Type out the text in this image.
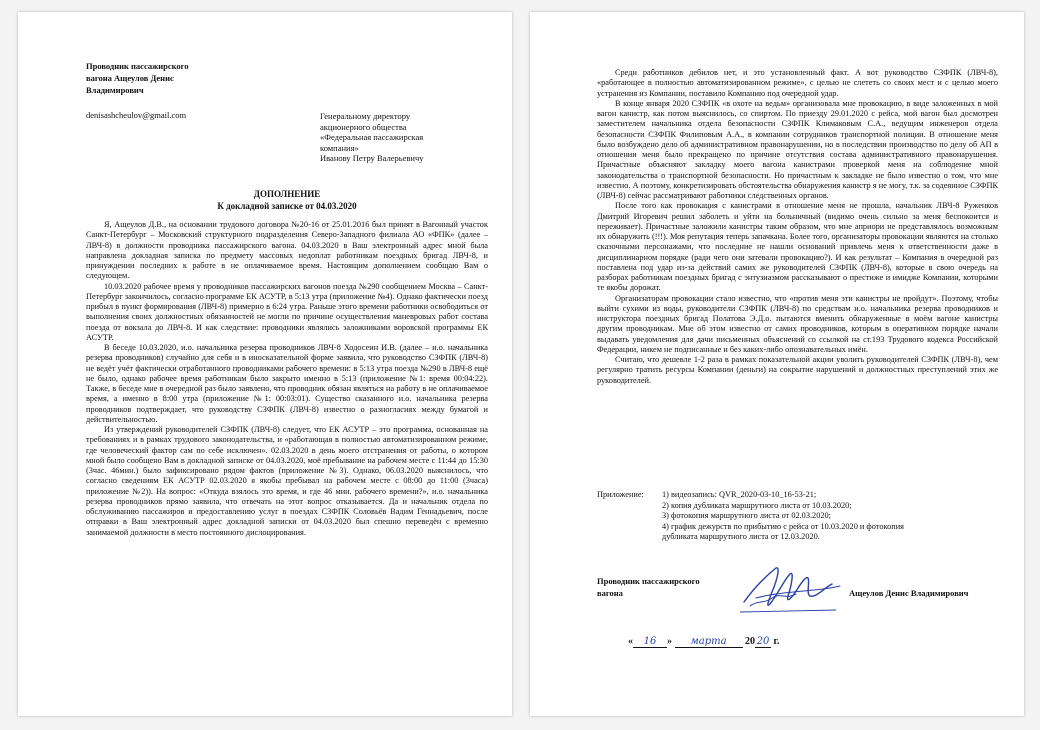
Проводник пассажирского
вагона Ащеулов Денис
Владимирович
denisashcheulov@gmail.com	Генеральному директору
акционерного общества
«Федеральная пассажирская
компания»
Иванову Петру Валерьевичу
ДОПОЛНЕНИЕ
К докладной записке от 04.03.2020

Я, Ащеулов Д.В., на основании трудового договора №20-16 от 25.01.2016 был принят в Вагонный участок Санкт-Петербург – Московский структурного подразделения Северо-Западного филиала АО «ФПК» (далее – ЛВЧ-8) в должности проводника пассажирского вагона. 04.03.2020 в Ваш электронный адрес мной была направлена докладная записка по предмету массовых недоплат работникам поездных бригад ЛВЧ-8, и принуждении последних к работе в не оплачиваемое время. Настоящим дополнением сообщаю Вам о следующем.

10.03.2020 рабочее время у проводников пассажирских вагонов поезда №290 сообщением Москва – Санкт-Петербург закончилось, согласно программе ЕК АСУТР, в 5:13 утра (приложение №4). Однако фактически поезд прибыл в пункт формирования (ЛВЧ-8) примерно в 6:24 утра. Раньше этого времени работники освободиться от выполнения своих должностных обязанностей не могли по причине осуществления маневровых работ состава поезда от вокзала до ЛВЧ-8. И как следствие: проводники являлись заложниками воровской программы ЕК АСУТР.

В беседе 10.03.2020, и.о. начальника резерва проводников ЛВЧ-8 Ходосеин И.В. (далее – и.о. начальника резерва проводников) случайно для себя и в иносказательной форме заявила, что руководство СЗФПК (ЛВЧ-8) не ведёт учёт фактически отработанного проводниками рабочего времени: в 5:13 утра поезда №290 в ЛВЧ-8 ещё не было, однако рабочее время работникам было закрыто именно в 5:13 (приложение №1: время 00:04:22). Также, в беседе мне в очередной раз было заявлено, что проводник обязан являться на работу в не оплачиваемое время, а именно в 8:00 утра (приложение №1: 00:03:01). Существо сказанного и.о. начальника резерва проводников подтверждает, что руководству СЗФПК (ЛВЧ-8) известно о разногласиях между бумагой и действительностью.

Из утверждений руководителей СЗФПК (ЛВЧ-8) следует, что ЕК АСУТР – это программа, основанная на требованиях и в рамках трудового законодательства, и «работающая в полностью автоматизированном режиме, где человеческий фактор сам по себе исключен». 02.03.2020 в день моего отстранения от работы, о котором мной было сообщено Вам в докладной записке от 04.03.2020, моё пребывание на рабочем месте с 11:44 до 15:30 (3час. 46мин.) было зафиксировано рядом фактов (приложение №3). Однако, 06.03.2020 выяснилось, что согласно сведениям ЕК АСУТР 02.03.2020 я якобы пребывал на рабочем месте с 08:00 до 11:00 (3часа) приложение №2)). На вопрос: «Откуда взялось это время, и где 46 мин. рабочего времени?», и.о. начальника резерва проводников прямо заявила, что отвечать на этот вопрос отказывается. Да и начальник отдела по обслуживанию пассажиров и предоставлению услуг в поездах СЗФПК Соловьёв Вадим Геннадьевич, после отправки в Ваш электронный адрес докладной записки от 04.03.2020 был спешно переведён с временно занимаемой должности в место постоянного дислоцирования.

Среди работников дебилов нет, и это установленный факт. А вот руководство СЗФПК (ЛВЧ-8), «работающее в полностью автоматизированном режиме», с целью не слететь со своих мест и с целью моего устранения из Компании, поставило Компанию под очередной удар.

В конце января 2020 СЗФПК «в охоте на ведьм» организовала мне провокацию, в виде заложенных в мой вагон канистр, как потом выяснилось, со спиртом. По приезду 29.01.2020 с рейса, мой вагон был досмотрен заместителем начальника отдела безопасности СЗФПК Климаковым С.А., ведущим инженеров отдела безопасности СЗФПК Филиповым А.А., в компании сотрудников транспортной полиции. В отношение меня было возбуждено дело об административном правонарушении, но в последствии производство по делу об АП в отношении меня было прекращено по причине отсутствия состава административного правонарушения. Причастные объясняют закладку моего вагона канистрами проверкой меня на соблюдение мной законодательства о транспортной безопасности. Но причастным к закладке не было известно о том, что мне известно. А поэтому, конкретизировать обстоятельства обнаружения канистр я не могу, т.к. за содеянное СЗФПК (ЛВЧ-8) сейчас рассматривают работники следственных органов.

После того как провокация с канистрами в отношение меня не прошла, начальник ЛВЧ-8 Руженков Дмитрий Игоревич решил заболеть и уйти на больничный (видимо очень сильно за меня беспокоится и переживает). Причастные заложили канистры таким образом, что мне априори не представлялось возможным их обнаружить (!!!). Моя репутация теперь запачкана. Более того, организаторы провокации являются на столько сказочными персонажами, что последние не нашли оснований привлечь меня к ответственности даже в дисциплинарном порядке (ради чего они затевали провокацию?). И как результат – Компания в очередной раз поставлена под удар из-за действий самих же руководителей СЗФПК (ЛВЧ-8), которые в свою очередь на разборах работникам поездных бригад с энтузиазмом рассказывают о престиже и имидже Компании, которыми те якобы дорожат.

Организаторам провокации стало известно, что «против меня эти канистры не пройдут». Поэтому, чтобы выйти сухими из воды, руководители СЗФПК (ЛВЧ-8) по средствам и.о. начальника резерва проводников и инструктора поездных бригад Полатова Э.Д.о. пытаются вменить обнаруженные в моём вагоне канистры другим проводникам. Мне об этом известно от самих проводников, которым в оперативном порядке начали выдавать уведомления для дачи письменных объяснений со ссылкой на ст.193 Трудового кодекса Российской Федерации, никем не подписанные и без каких-либо опознавательных имён.

Считаю, что дешевле 1-2 раза в рамках показательной акции уволить руководителей СЗФПК (ЛВЧ-8), чем регулярно тратить ресурсы Компании (деньги) на сокрытие нарушений и должностных преступлений этих же руководителей.

Приложение: 1) видеозапись: QVR_2020-03-10_16-53-21;
2) копия дубликата маршрутного листа от 10.03.2020;
3) фотокопия маршрутного листа от 02.03.2020;
4) график дежурств по прибытию с рейса от 10.03.2020 и фотокопия
дубликата маршрутного листа от 12.03.2020.
Проводник пассажирского
вагона	Ащеулов Денис Владимирович
« 16 » марта 20 20 г.
